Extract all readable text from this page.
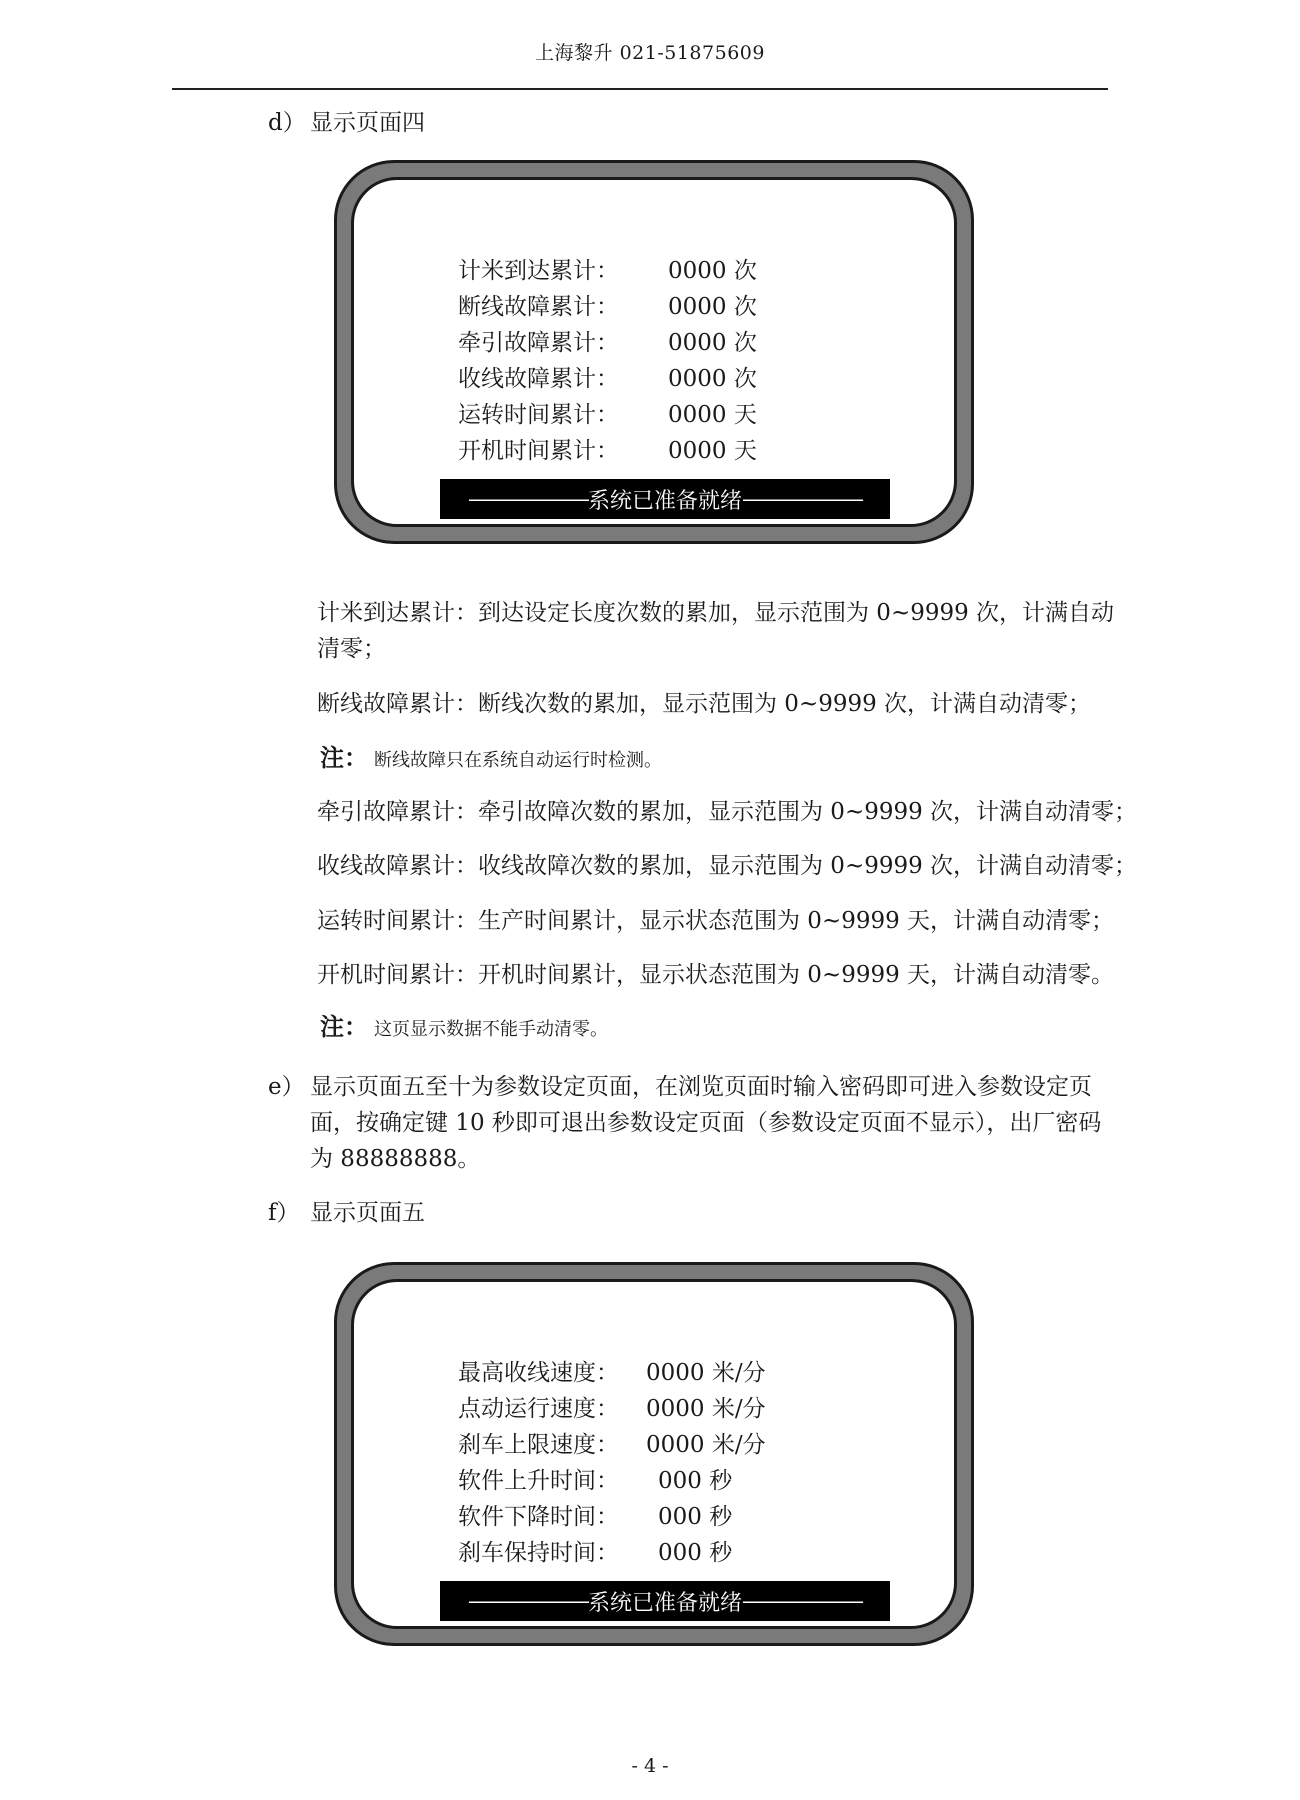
上海黎升 021-51875609
d） 显示页面四
计米到达累计：	0000 次
断线故障累计：	0000 次
牵引故障累计：	0000 次
收线故障累计：	0000 次
运转时间累计：	0000 天
开机时间累计：	0000 天
—————— 系统已准备就绪 ——————
计米到达累计：到达设定长度次数的累加，显示范围为 0~9999 次，计满自动
清零；
断线故障累计：断线次数的累加，显示范围为 0~9999 次，计满自动清零；
注： 断线故障只在系统自动运行时检测。
牵引故障累计：牵引故障次数的累加，显示范围为 0~9999 次，计满自动清零；
收线故障累计：收线故障次数的累加，显示范围为 0~9999 次，计满自动清零；
运转时间累计：生产时间累计，显示状态范围为 0~9999 天，计满自动清零；
开机时间累计：开机时间累计，显示状态范围为 0~9999 天，计满自动清零。
注： 这页显示数据不能手动清零。
e） 显示页面五至十为参数设定页面，在浏览页面时输入密码即可进入参数设定页
面，按确定键 10 秒即可退出参数设定页面（参数设定页面不显示），出厂密码
为 88888888。
f） 显示页面五
最高收线速度：	0000 米/分
点动运行速度：	0000 米/分
刹车上限速度：	0000 米/分
软件上升时间：	000 秒
软件下降时间：	000 秒
刹车保持时间：	000 秒
—————— 系统已准备就绪 ——————
- 4 -
